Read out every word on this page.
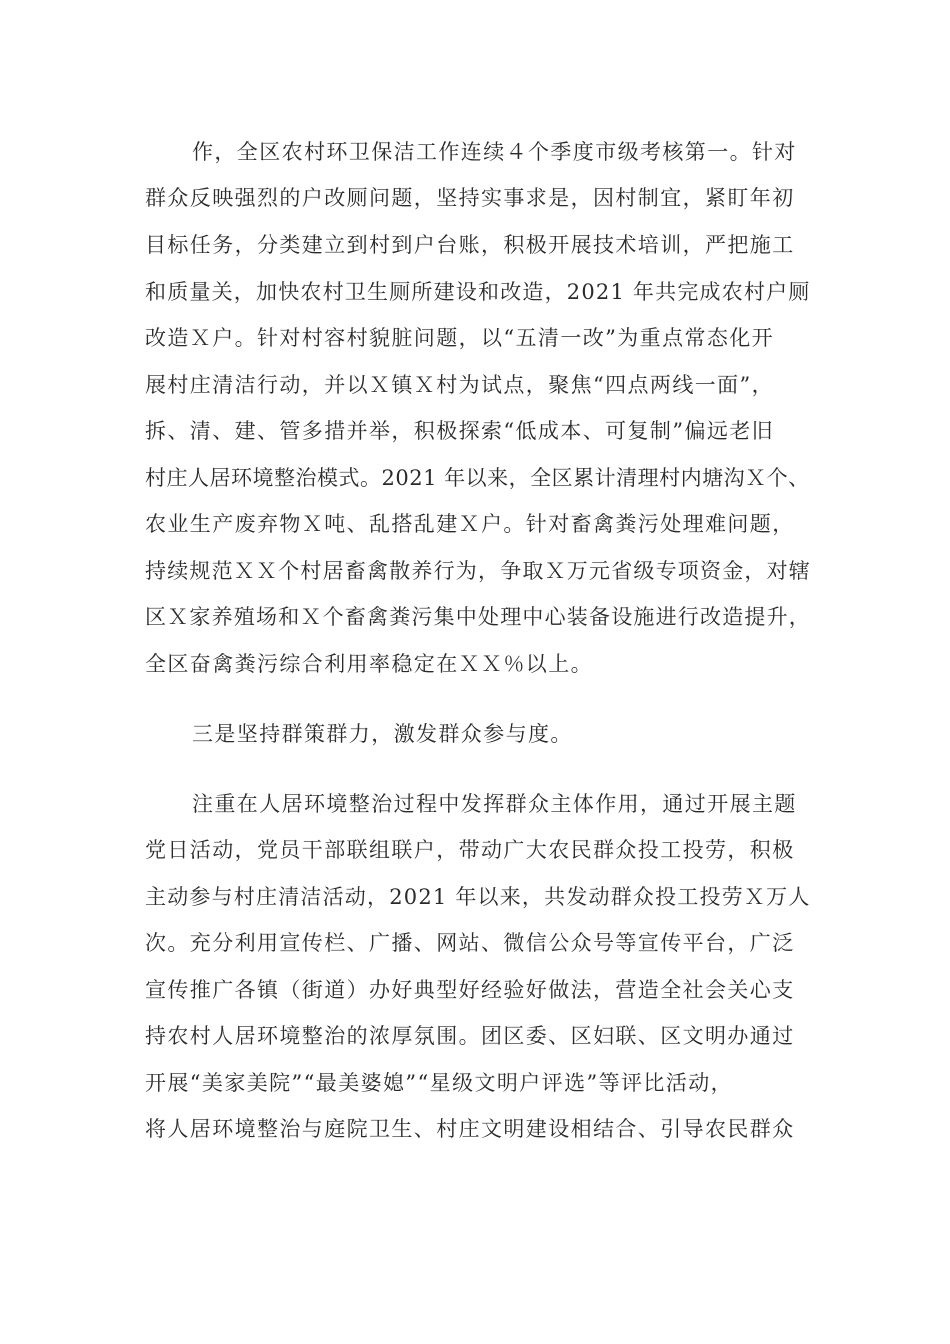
作，全区农村环卫保洁工作连续４个季度市级考核第一。针对
群众反映强烈的户改厕问题，坚持实事求是，因村制宜，紧盯年初
目标任务，分类建立到村到户台账，积极开展技术培训，严把施工
和质量关，加快农村卫生厕所建设和改造，2021 年共完成农村户厕
改造Ｘ户。针对村容村貌脏问题，以“五清一改”为重点常态化开
展村庄清洁行动，并以Ｘ镇Ｘ村为试点，聚焦“四点两线一面”，
拆、清、建、管多措并举，积极探索“低成本、可复制”偏远老旧
村庄人居环境整治模式。2021 年以来，全区累计清理村内塘沟Ｘ个、
农业生产废弃物Ｘ吨、乱搭乱建Ｘ户。针对畜禽粪污处理难问题，
持续规范ＸＸ个村居畜禽散养行为，争取Ｘ万元省级专项资金，对辖
区Ｘ家养殖场和Ｘ个畜禽粪污集中处理中心装备设施进行改造提升，
全区奋禽粪污综合利用率稳定在ＸＸ％以上。
三是坚持群策群力，激发群众参与度。
注重在人居环境整治过程中发挥群众主体作用，通过开展主题
党日活动，党员干部联组联户，带动广大农民群众投工投劳，积极
主动参与村庄清洁活动，2021 年以来，共发动群众投工投劳Ｘ万人
次。充分利用宣传栏、广播、网站、微信公众号等宣传平台，广泛
宣传推广各镇（街道）办好典型好经验好做法，营造全社会关心支
持农村人居环境整治的浓厚氛围。团区委、区妇联、区文明办通过
开展“美家美院”“最美婆媳”“星级文明户评选”等评比活动，
将人居环境整治与庭院卫生、村庄文明建设相结合、引导农民群众
